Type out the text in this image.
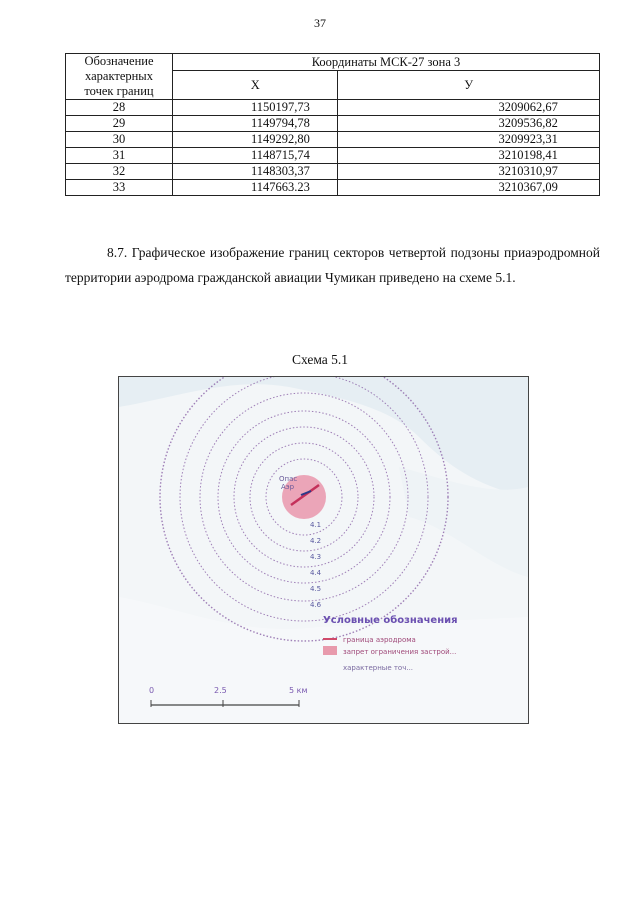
37
Обозначение характерных точек границ	Координаты МСК-27 зона 3	
	X	У
28	1150197,73	3209062,67
29	1149794,78	3209536,82
30	1149292,80	3209923,31
31	1148715,74	3210198,41
32	1148303,37	3210310,97
33	1147663.23	3210367,09
8.7. Графическое изображение границ секторов четвертой подзоны приаэродромной территории аэродрома гражданской авиации Чумикан приведено на схеме 5.1.
Схема 5.1
Опас
Аэр
4.1
4.2
4.3
4.4
4.5
4.6
Условные обозначения
граница аэродрома
запрет ограничения застрой...
характерные точ...
0	2.5	5 км
